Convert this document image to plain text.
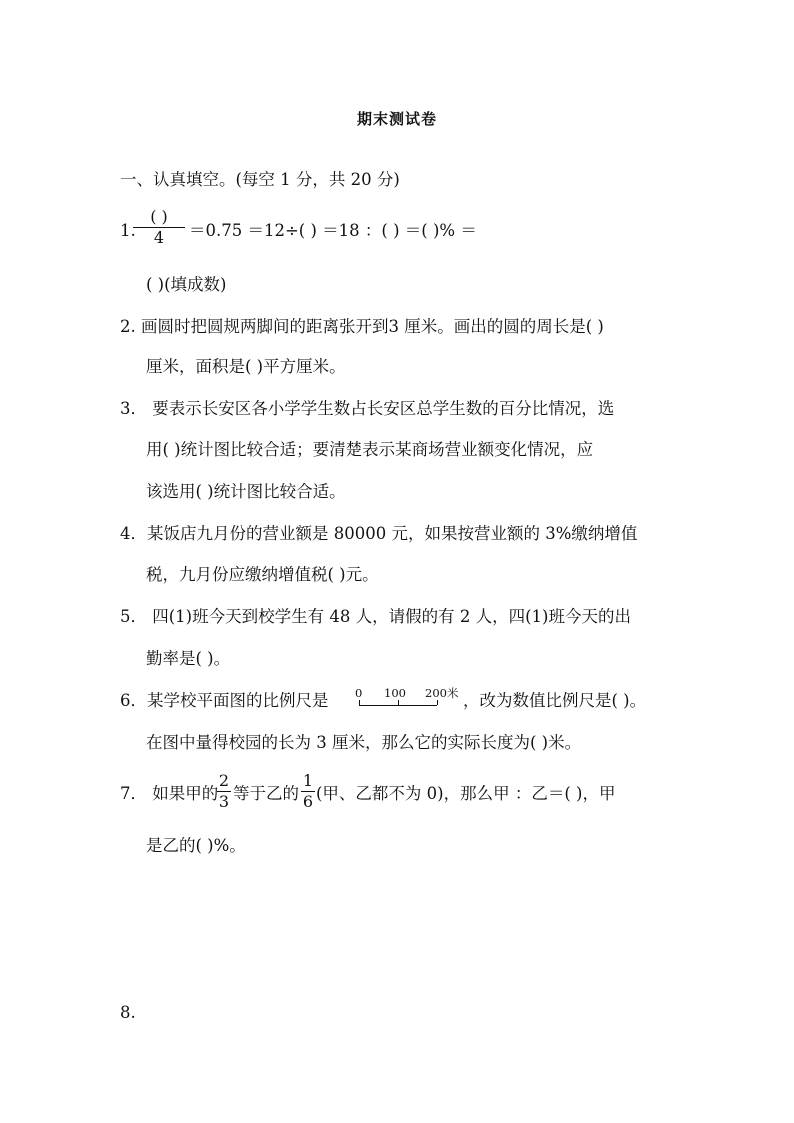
期末测试卷
一、认真填空。(每空 1 分，共 20 分)
1.
( )
4	＝0.75 ＝12÷( ) ＝18 ：( ) ＝( )% ＝
( )(填成数)
2. 画圆时把圆规两脚间的距离张开到3 厘米。画出的圆的周长是( )
厘米，面积是( )平方厘米。
3． 要表示长安区各小学学生数占长安区总学生数的百分比情况，选
用( )统计图比较合适；要清楚表示某商场营业额变化情况，应
该选用( )统计图比较合适。
4．某饭店九月份的营业额是 80000 元，如果按营业额的 3%缴纳增值
税，九月份应缴纳增值税( )元。
5． 四(1)班今天到校学生有 48 人，请假的有 2 人，四(1)班今天的出
勤率是( )。
6．某学校平面图的比例尺是 0 100 200米 ，改为数值比例尺是( )。
在图中量得校园的长为 3 厘米，那么它的实际长度为( )米。
7． 如果甲的
2
3 等于乙的
1
6 (甲、乙都不为 0)，那么甲 ：乙＝( )，甲
是乙的( )%。
8.
